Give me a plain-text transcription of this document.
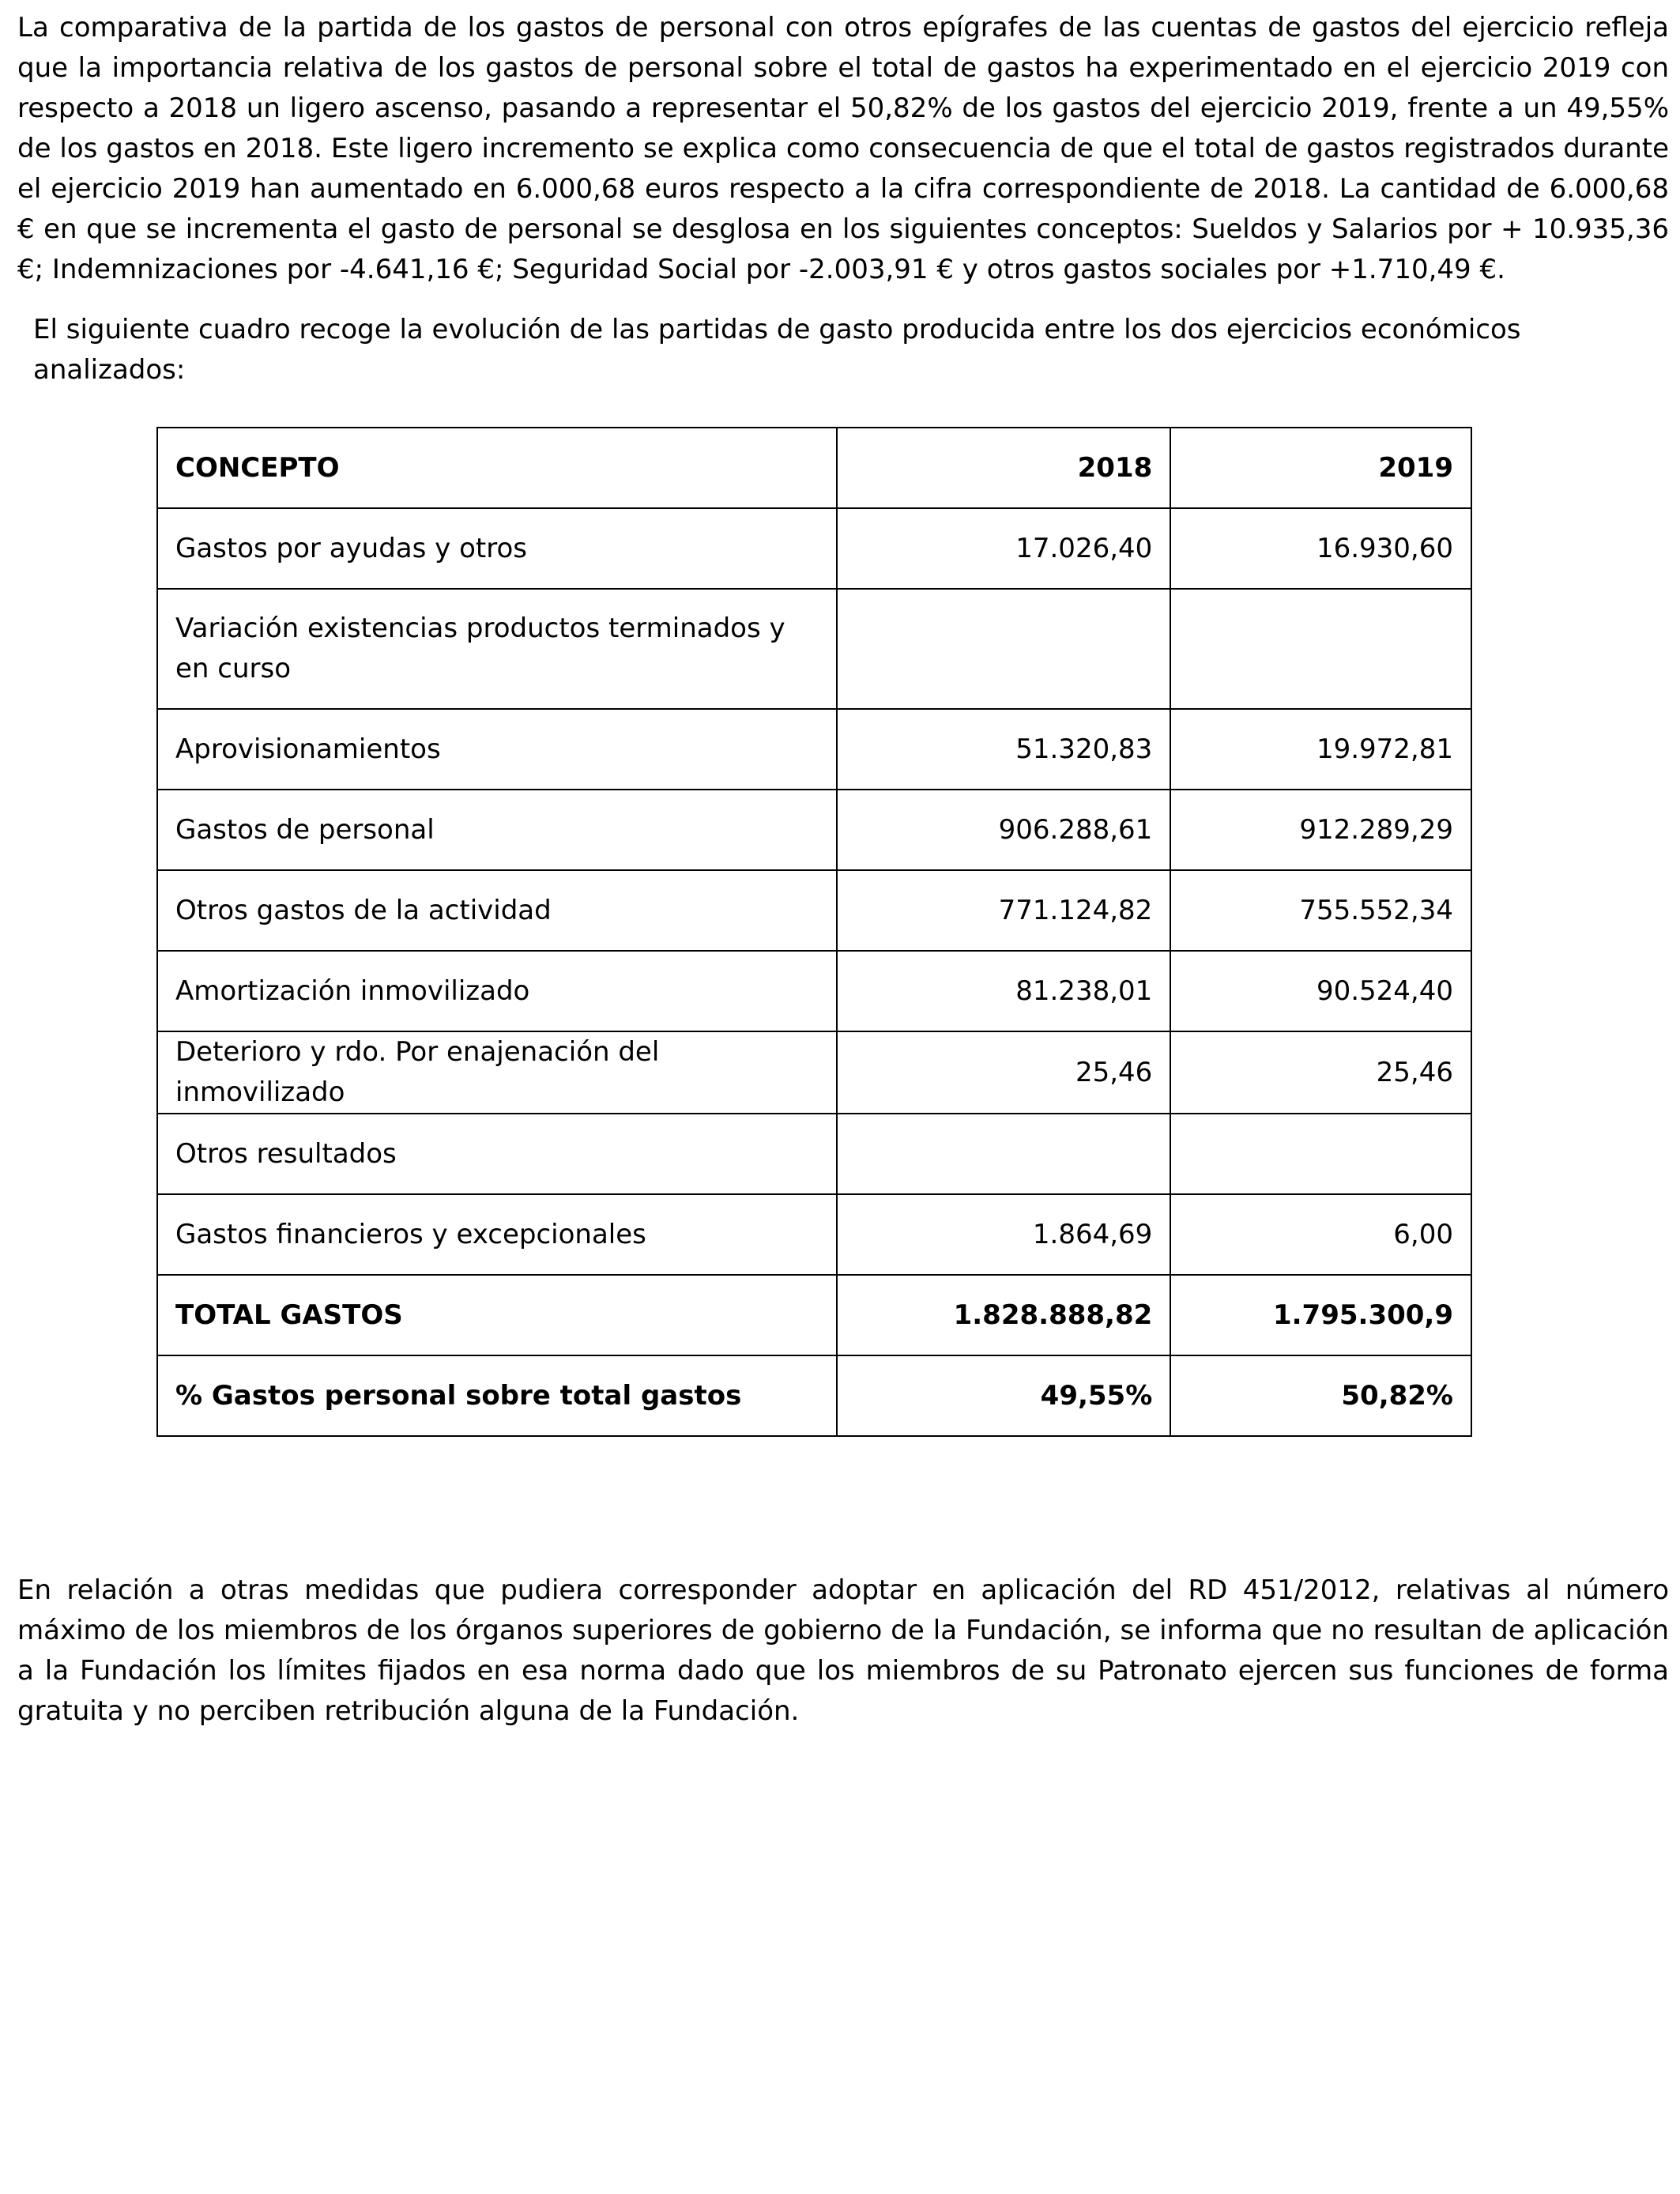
La comparativa de la partida de los gastos de personal con otros epígrafes de las cuentas de gastos del ejercicio refleja que la importancia relativa de los gastos de personal sobre el total de gastos ha experimentado en el ejercicio 2019 con respecto a 2018 un ligero ascenso, pasando a representar el 50,82% de los gastos del ejercicio 2019, frente a un 49,55% de los gastos en 2018. Este ligero incremento se explica como consecuencia de que el total de gastos registrados durante el ejercicio 2019 han aumentado en 6.000,68 euros respecto a la cifra correspondiente de 2018. La cantidad de 6.000,68 € en que se incrementa el gasto de personal se desglosa en los siguientes conceptos: Sueldos y Salarios por + 10.935,36 €; Indemnizaciones por -4.641,16 €; Seguridad Social por -2.003,91 € y otros gastos sociales por +1.710,49 €.

El siguiente cuadro recoge la evolución de las partidas de gasto producida entre los dos ejercicios económicos analizados:

CONCEPTO	2018	2019
Gastos por ayudas y otros	17.026,40	16.930,60
Variación existencias productos terminados y en curso		
Aprovisionamientos	51.320,83	19.972,81
Gastos de personal	906.288,61	912.289,29
Otros gastos de la actividad	771.124,82	755.552,34
Amortización inmovilizado	81.238,01	90.524,40
Deterioro y rdo. Por enajenación del inmovilizado	25,46	25,46
Otros resultados		
Gastos financieros y excepcionales	1.864,69	6,00
TOTAL GASTOS	1.828.888,82	1.795.300,9
% Gastos personal sobre total gastos	49,55%	50,82%

En relación a otras medidas que pudiera corresponder adoptar en aplicación del RD 451/2012, relativas al número máximo de los miembros de los órganos superiores de gobierno de la Fundación, se informa que no resultan de aplicación a la Fundación los límites fijados en esa norma dado que los miembros de su Patronato ejercen sus funciones de forma gratuita y no perciben retribución alguna de la Fundación.
